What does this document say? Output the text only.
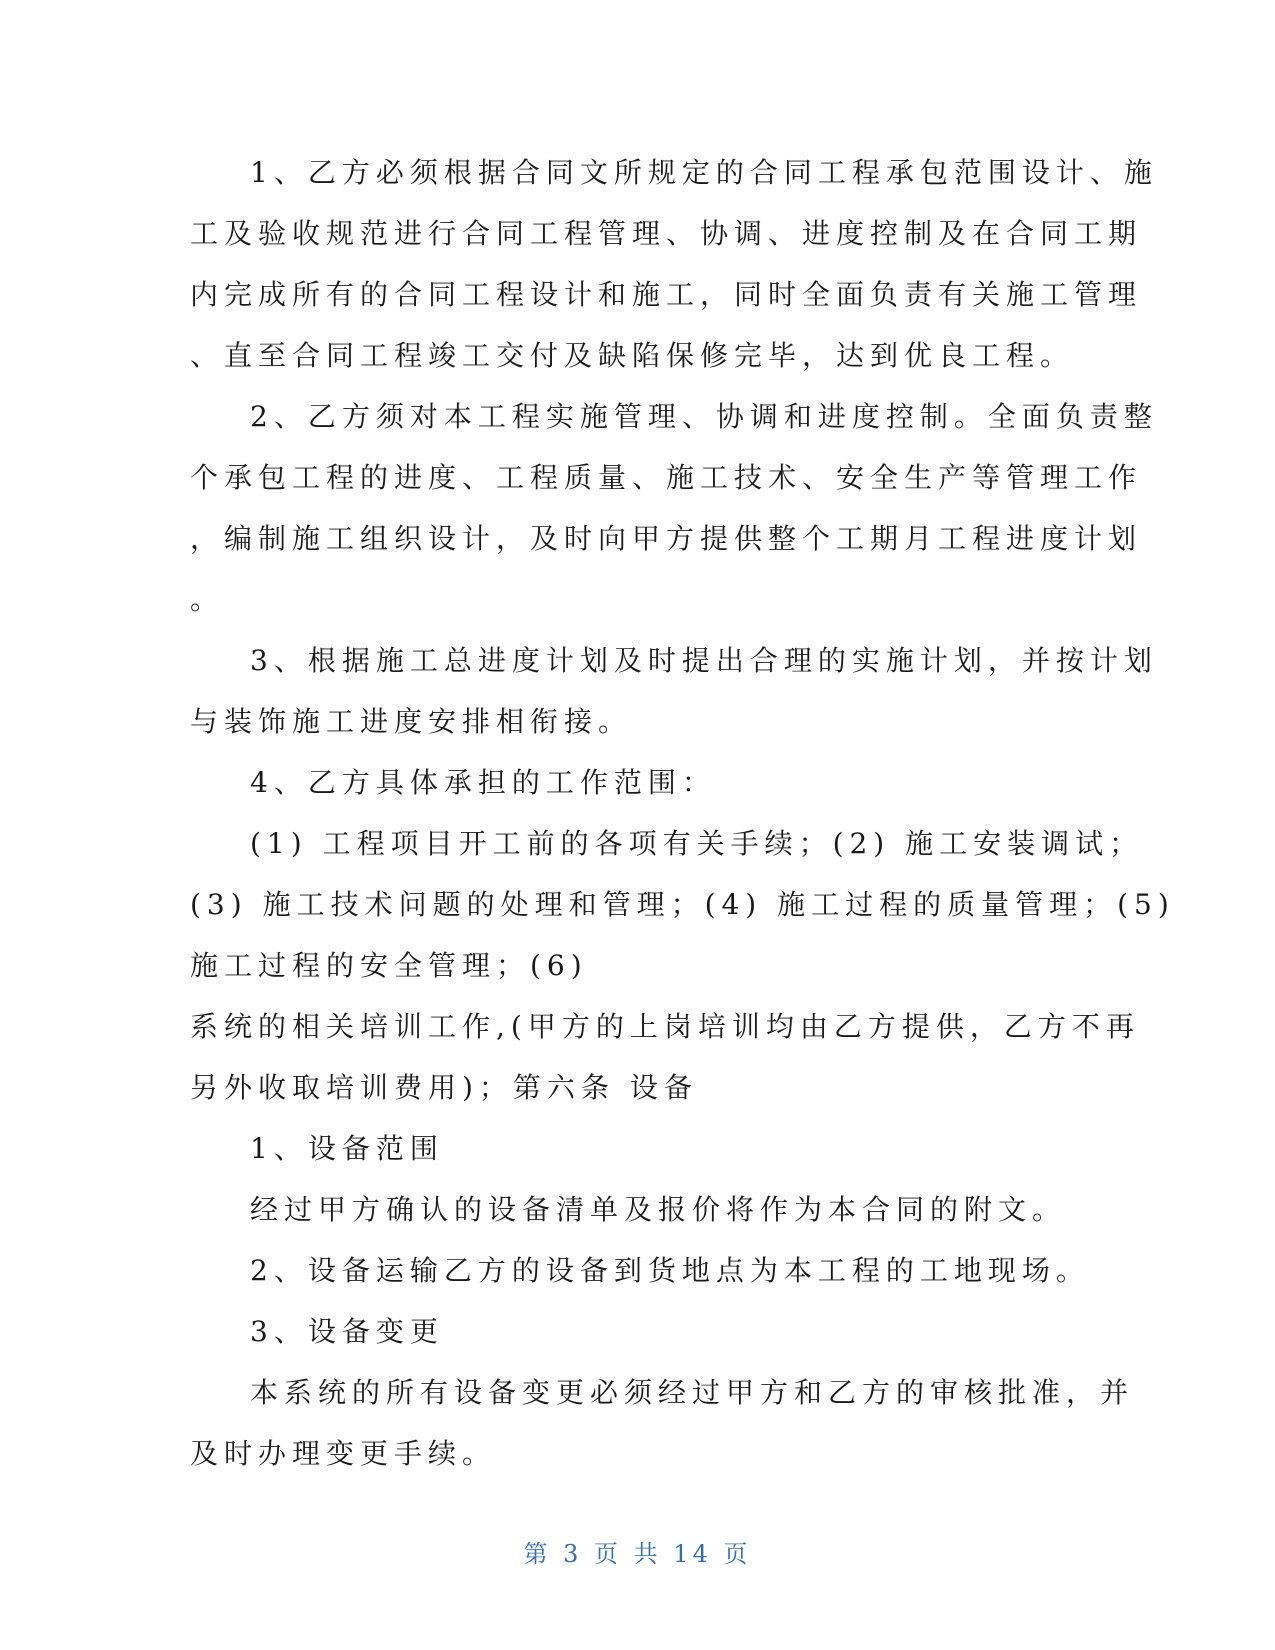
1、乙方必须根据合同文所规定的合同工程承包范围设计、施
工及验收规范进行合同工程管理、协调、进度控制及在合同工期
内完成所有的合同工程设计和施工，同时全面负责有关施工管理
、直至合同工程竣工交付及缺陷保修完毕，达到优良工程。
2、乙方须对本工程实施管理、协调和进度控制。全面负责整
个承包工程的进度、工程质量、施工技术、安全生产等管理工作
，编制施工组织设计，及时向甲方提供整个工期月工程进度计划
。
3、根据施工总进度计划及时提出合理的实施计划，并按计划
与装饰施工进度安排相衔接。
4、乙方具体承担的工作范围：
(1) 工程项目开工前的各项有关手续；(2) 施工安装调试；
(3) 施工技术问题的处理和管理；(4) 施工过程的质量管理；(5)
施工过程的安全管理；(6)
系统的相关培训工作,(甲方的上岗培训均由乙方提供，乙方不再
另外收取培训费用)；第六条 设备
1、设备范围
经过甲方确认的设备清单及报价将作为本合同的附文。
2、设备运输乙方的设备到货地点为本工程的工地现场。
3、设备变更
本系统的所有设备变更必须经过甲方和乙方的审核批准，并
及时办理变更手续。
第 3 页 共 14 页
